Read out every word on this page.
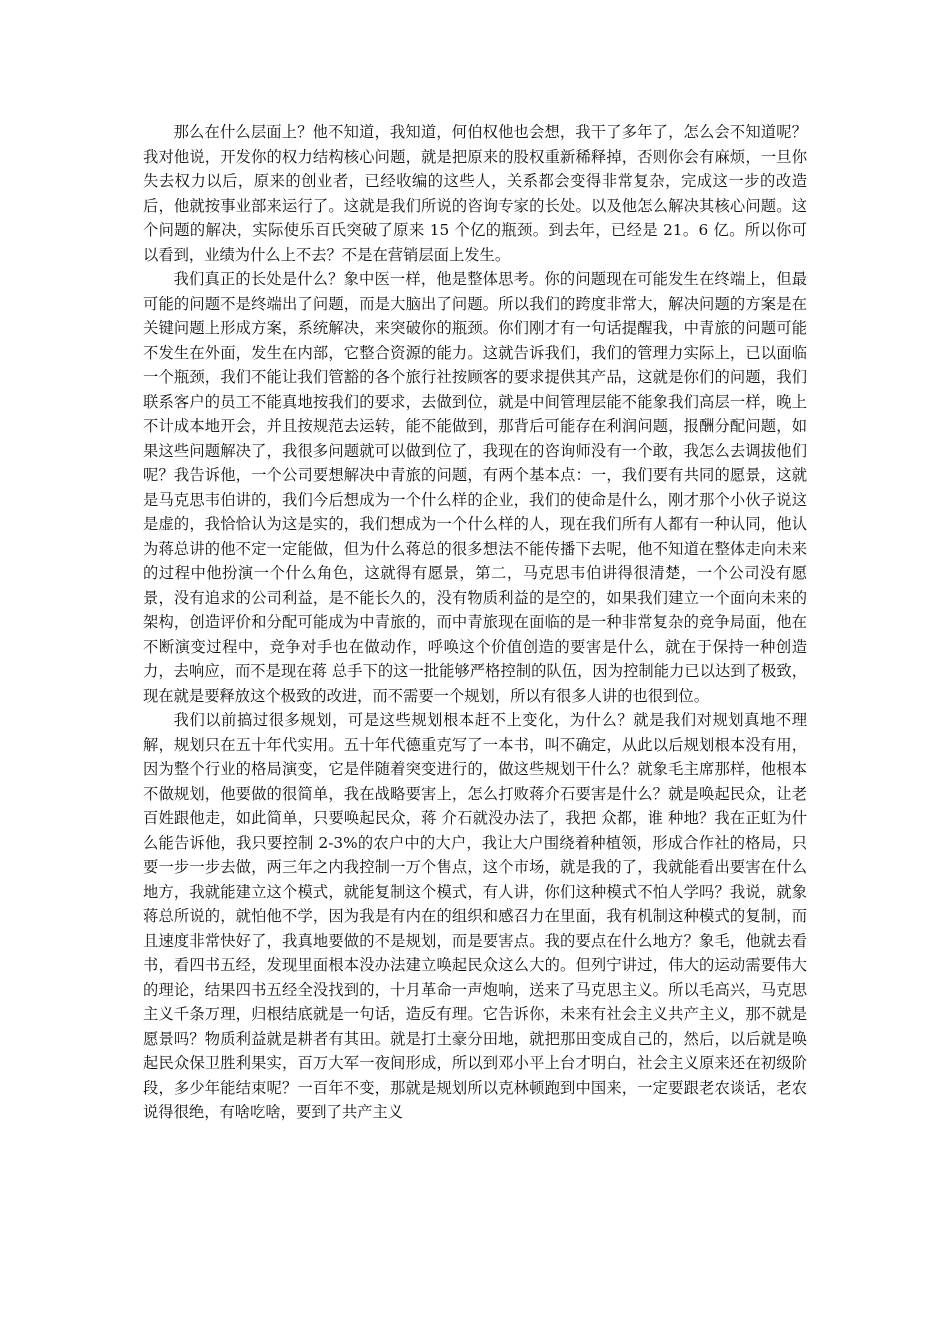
那么在什么层面上？他不知道，我知道，何伯权他也会想，我干了多年了，怎么会不知道呢？我对他说，开发你的权力结构核心问题，就是把原来的股权重新稀释掉，否则你会有麻烦，一旦你失去权力以后，原来的创业者，已经收编的这些人，关系都会变得非常复杂，完成这一步的改造后，他就按事业部来运行了。这就是我们所说的咨询专家的长处。以及他怎么解决其核心问题。这个问题的解决，实际使乐百氏突破了原来 15 个亿的瓶颈。到去年，已经是 21。6 亿。所以你可以看到，业绩为什么上不去？不是在营销层面上发生。

我们真正的长处是什么？象中医一样，他是整体思考。你的问题现在可能发生在终端上，但最可能的问题不是终端出了问题，而是大脑出了问题。所以我们的跨度非常大，解决问题的方案是在关键问题上形成方案，系统解决，来突破你的瓶颈。你们刚才有一句话提醒我，中青旅的问题可能不发生在外面，发生在内部，它整合资源的能力。这就告诉我们，我们的管理力实际上，已以面临一个瓶颈，我们不能让我们管豁的各个旅行社按顾客的要求提供其产品，这就是你们的问题，我们联系客户的员工不能真地按我们的要求，去做到位，就是中间管理层能不能象我们高层一样，晚上不计成本地开会，并且按规范去运转，能不能做到，那背后可能存在利润问题，报酬分配问题，如果这些问题解决了，我很多问题就可以做到位了，我现在的咨询师没有一个敢，我怎么去调拔他们呢？我告诉他，一个公司要想解决中青旅的问题，有两个基本点：一，我们要有共同的愿景，这就是马克思韦伯讲的，我们今后想成为一个什么样的企业，我们的使命是什么，刚才那个小伙子说这是虚的，我恰恰认为这是实的，我们想成为一个什么样的人，现在我们所有人都有一种认同，他认为蒋总讲的他不定一定能做，但为什么蒋总的很多想法不能传播下去呢，他不知道在整体走向未来的过程中他扮演一个什么角色，这就得有愿景，第二，马克思韦伯讲得很清楚，一个公司没有愿景，没有追求的公司利益，是不能长久的，没有物质利益的是空的，如果我们建立一个面向未来的架构，创造评价和分配可能成为中青旅的，而中青旅现在面临的是一种非常复杂的竞争局面，他在不断演变过程中，竞争对手也在做动作，呼唤这个价值创造的要害是什么，就在于保持一种创造力，去响应，而不是现在蒋 总手下的这一批能够严格控制的队伍，因为控制能力已以达到了极致，现在就是要释放这个极致的改进，而不需要一个规划，所以有很多人讲的也很到位。

我们以前搞过很多规划，可是这些规划根本赶不上变化，为什么？就是我们对规划真地不理解，规划只在五十年代实用。五十年代德重克写了一本书，叫不确定，从此以后规划根本没有用，因为整个行业的格局演变，它是伴随着突变进行的，做这些规划干什么？就象毛主席那样，他根本不做规划，他要做的很简单，我在战略要害上，怎么打败蒋介石要害是什么？就是唤起民众，让老百姓跟他走，如此简单，只要唤起民众，蒋 介石就没办法了，我把 众都，谁 种地？我在正虹为什么能告诉他，我只要控制 2-3%的农户中的大户，我让大户围绕着种植领，形成合作社的格局，只要一步一步去做，两三年之内我控制一万个售点，这个市场，就是我的了，我就能看出要害在什么地方，我就能建立这个模式，就能复制这个模式，有人讲，你们这种模式不怕人学吗？我说，就象蒋总所说的，就怕他不学，因为我是有内在的组织和感召力在里面，我有机制这种模式的复制，而且速度非常快好了，我真地要做的不是规划，而是要害点。我的要点在什么地方？象毛，他就去看书，看四书五经，发现里面根本没办法建立唤起民众这么大的。但列宁讲过，伟大的运动需要伟大的理论，结果四书五经全没找到的，十月革命一声炮响，送来了马克思主义。所以毛高兴，马克思主义千条万理，归根结底就是一句话，造反有理。它告诉你，未来有社会主义共产主义，那不就是愿景吗？物质利益就是耕者有其田。就是打土豪分田地，就把那田变成自己的，然后，以后就是唤起民众保卫胜利果实，百万大军一夜间形成，所以到邓小平上台才明白，社会主义原来还在初级阶段，多少年能结束呢？一百年不变，那就是规划所以克林顿跑到中国来，一定要跟老农谈话，老农说得很绝，有啥吃啥，要到了共产主义
